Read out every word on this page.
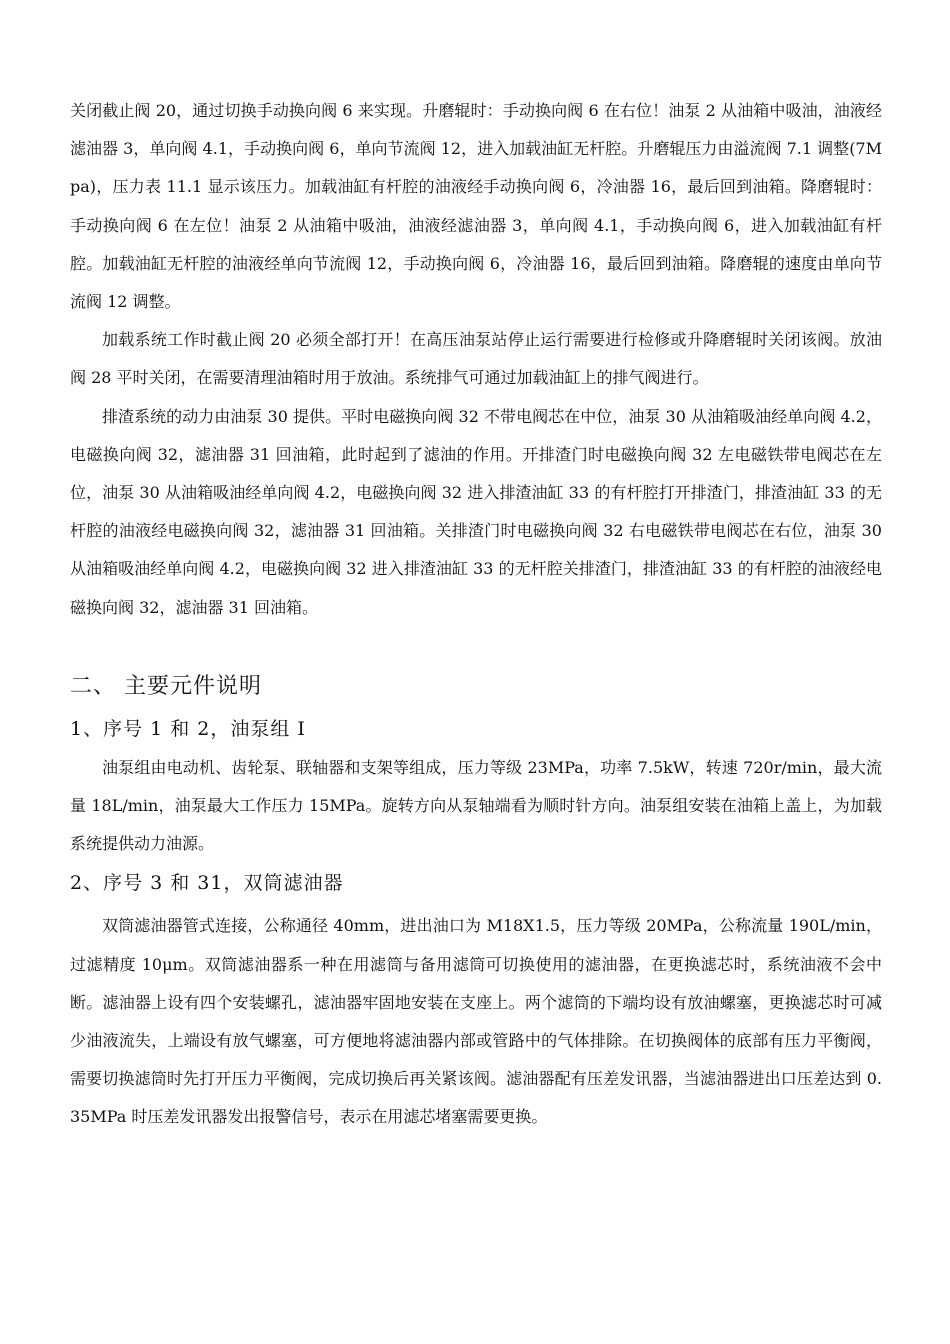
关闭截止阀 20，通过切换手动换向阀 6 来实现。升磨辊时：手动换向阀 6 在右位！油泵 2 从油箱中吸油，油液经滤油器 3，单向阀 4.1，手动换向阀 6，单向节流阀 12，进入加载油缸无杆腔。升磨辊压力由溢流阀 7.1 调整(7Mpa)，压力表 11.1 显示该压力。加载油缸有杆腔的油液经手动换向阀 6，冷油器 16，最后回到油箱。降磨辊时：手动换向阀 6 在左位！油泵 2 从油箱中吸油，油液经滤油器 3，单向阀 4.1，手动换向阀 6，进入加载油缸有杆腔。加载油缸无杆腔的油液经单向节流阀 12，手动换向阀 6，冷油器 16，最后回到油箱。降磨辊的速度由单向节流阀 12 调整。

加载系统工作时截止阀 20 必须全部打开！在高压油泵站停止运行需要进行检修或升降磨辊时关闭该阀。放油阀 28 平时关闭，在需要清理油箱时用于放油。系统排气可通过加载油缸上的排气阀进行。

排渣系统的动力由油泵 30 提供。平时电磁换向阀 32 不带电阀芯在中位，油泵 30 从油箱吸油经单向阀 4.2，电磁换向阀 32，滤油器 31 回油箱，此时起到了滤油的作用。开排渣门时电磁换向阀 32 左电磁铁带电阀芯在左位，油泵 30 从油箱吸油经单向阀 4.2，电磁换向阀 32 进入排渣油缸 33 的有杆腔打开排渣门，排渣油缸 33 的无杆腔的油液经电磁换向阀 32，滤油器 31 回油箱。关排渣门时电磁换向阀 32 右电磁铁带电阀芯在右位，油泵 30 从油箱吸油经单向阀 4.2，电磁换向阀 32 进入排渣油缸 33 的无杆腔关排渣门，排渣油缸 33 的有杆腔的油液经电磁换向阀 32，滤油器 31 回油箱。

二、 主要元件说明
1、序号 1 和 2，油泵组 I

油泵组由电动机、齿轮泵、联轴器和支架等组成，压力等级 23MPa，功率 7.5kW，转速 720r/min，最大流量 18L/min，油泵最大工作压力 15MPa。旋转方向从泵轴端看为顺时针方向。油泵组安装在油箱上盖上，为加载系统提供动力油源。

2、序号 3 和 31，双筒滤油器

双筒滤油器管式连接，公称通径 40mm，进出油口为 M18X1.5，压力等级 20MPa，公称流量 190L/min，过滤精度 10μm。双筒滤油器系一种在用滤筒与备用滤筒可切换使用的滤油器，在更换滤芯时，系统油液不会中断。滤油器上设有四个安装螺孔，滤油器牢固地安装在支座上。两个滤筒的下端均设有放油螺塞，更换滤芯时可减少油液流失，上端设有放气螺塞，可方便地将滤油器内部或管路中的气体排除。在切换阀体的底部有压力平衡阀，需要切换滤筒时先打开压力平衡阀，完成切换后再关紧该阀。滤油器配有压差发讯器，当滤油器进出口压差达到 0.35MPa 时压差发讯器发出报警信号，表示在用滤芯堵塞需要更换。
